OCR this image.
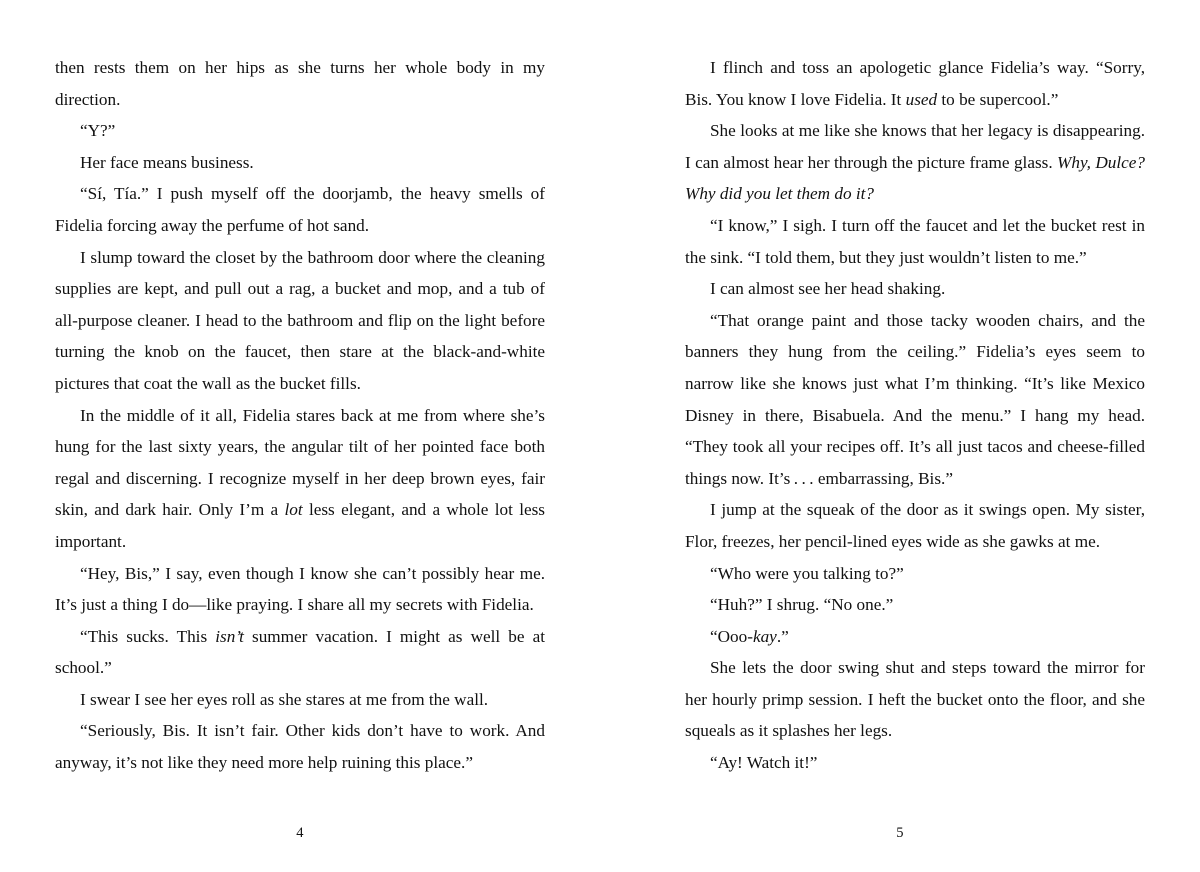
then rests them on her hips as she turns her whole body in my direction.

“Y?”

Her face means business.

“Sí, Tía.” I push myself off the doorjamb, the heavy smells of Fidelia forcing away the perfume of hot sand.

I slump toward the closet by the bathroom door where the cleaning supplies are kept, and pull out a rag, a bucket and mop, and a tub of all-purpose cleaner. I head to the bathroom and flip on the light before turning the knob on the faucet, then stare at the black-and-white pictures that coat the wall as the bucket fills.

In the middle of it all, Fidelia stares back at me from where she’s hung for the last sixty years, the angular tilt of her pointed face both regal and discerning. I recognize myself in her deep brown eyes, fair skin, and dark hair. Only I’m a lot less elegant, and a whole lot less important.

“Hey, Bis,” I say, even though I know she can’t possibly hear me. It’s just a thing I do—like praying. I share all my secrets with Fidelia.

“This sucks. This isn’t summer vacation. I might as well be at school.”

I swear I see her eyes roll as she stares at me from the wall.

“Seriously, Bis. It isn’t fair. Other kids don’t have to work. And anyway, it’s not like they need more help ruining this place.”

4

I flinch and toss an apologetic glance Fidelia’s way. “Sorry, Bis. You know I love Fidelia. It used to be supercool.”

She looks at me like she knows that her legacy is disappearing. I can almost hear her through the picture frame glass. Why, Dulce? Why did you let them do it?

“I know,” I sigh. I turn off the faucet and let the bucket rest in the sink. “I told them, but they just wouldn’t listen to me.”

I can almost see her head shaking.

“That orange paint and those tacky wooden chairs, and the banners they hung from the ceiling.” Fidelia’s eyes seem to narrow like she knows just what I’m thinking. “It’s like Mexico Disney in there, Bisabuela. And the menu.” I hang my head. “They took all your recipes off. It’s all just tacos and cheese-filled things now. It’s . . . embarrassing, Bis.”

I jump at the squeak of the door as it swings open. My sister, Flor, freezes, her pencil-lined eyes wide as she gawks at me.

“Who were you talking to?”

“Huh?” I shrug. “No one.”

“Ooo-kay.”

She lets the door swing shut and steps toward the mirror for her hourly primp session. I heft the bucket onto the floor, and she squeals as it splashes her legs.

“Ay! Watch it!”

5
